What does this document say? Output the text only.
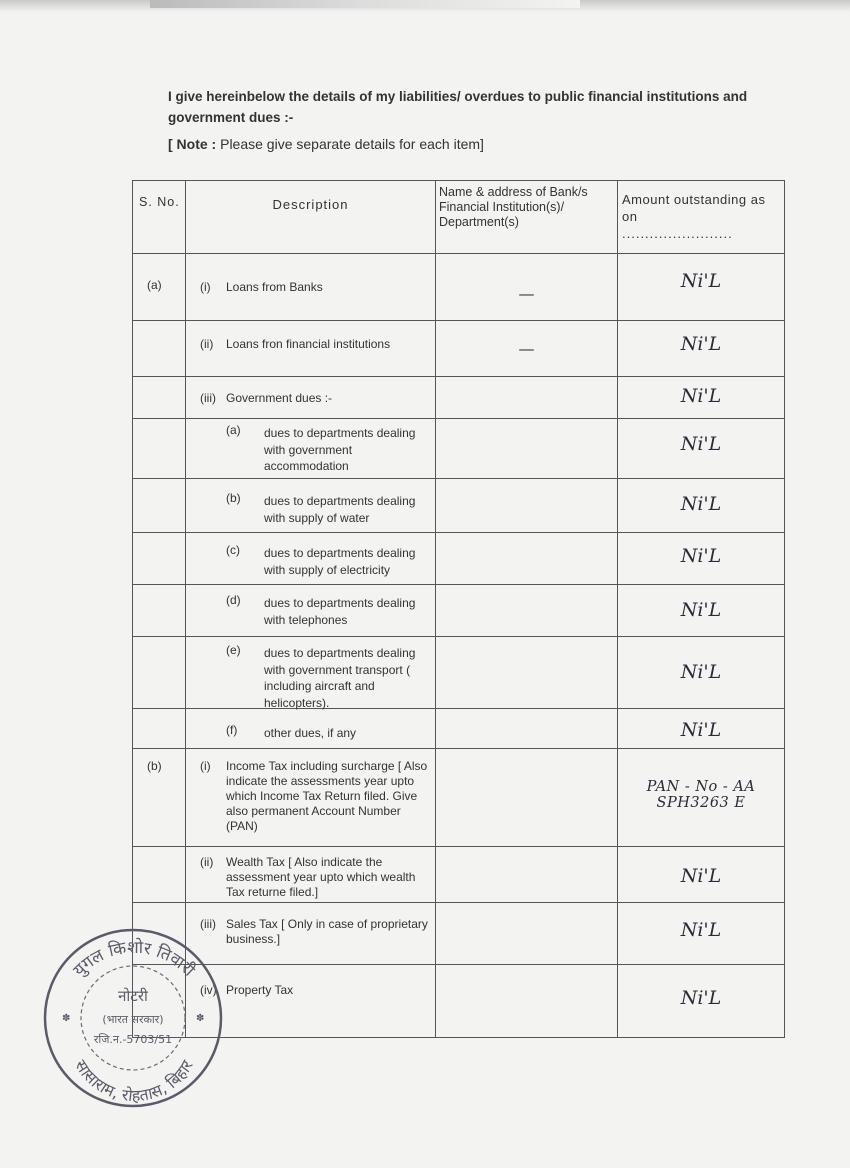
I give hereinbelow the details of my liabilities/ overdues to public financial institutions and government dues :-
[ Note : Please give separate details for each item]
S. No.	Description	Name & address of Bank/s Financial Institution(s)/ Department(s)	Amount outstanding as on
........................
(a)	(i) Loans from Banks	—	Ni'L

	(ii) Loans fron financial institutions	—	Ni'L

	(iii) Government dues :-		Ni'L

	(a) dues to departments dealing with government accommodation		Ni'L

	(b) dues to departments dealing with supply of water		Ni'L

	(c) dues to departments dealing with supply of electricity		Ni'L

	(d) dues to departments dealing with telephones		Ni'L

	(e) dues to departments dealing with government transport ( including aircraft and helicopters).		Ni'L

	(f) other dues, if any		Ni'L
(b)	(i) Income Tax including surcharge [ Also indicate the assessments year upto which Income Tax Return filed. Give also permanent Account Number (PAN)		PAN - No - AA SPH3263 E

	(ii) Wealth Tax [ Also indicate the assessment year upto which wealth Tax returne filed.]		Ni'L

	(iii) Sales Tax [ Only in case of proprietary business.]		Ni'L

	(iv) Property Tax		Ni'L
युगल किशोर तिवारी
सासाराम, रोहतास, बिहार
नोटरी
(भारत सरकार)
रजि.न.-5703/51
✽	✽
